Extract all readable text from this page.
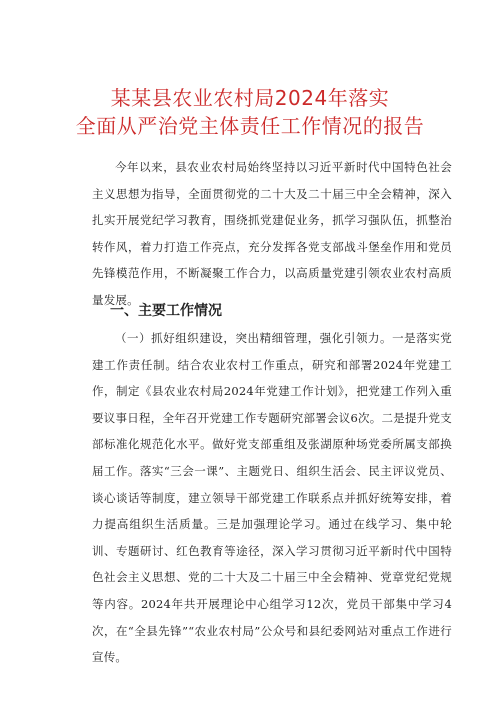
某某县农业农村局2024年落实
全面从严治党主体责任工作情况的报告

今年以来，县农业农村局始终坚持以习近平新时代中国特色社会主义思想为指导，全面贯彻党的二十大及二十届三中全会精神，深入扎实开展党纪学习教育，围绕抓党建促业务，抓学习强队伍，抓整治转作风，着力打造工作亮点，充分发挥各党支部战斗堡垒作用和党员先锋模范作用，不断凝聚工作合力，以高质量党建引领农业农村高质量发展。

一、主要工作情况

（一）抓好组织建设，突出精细管理，强化引领力。一是落实党建工作责任制。结合农业农村工作重点，研究和部署2024年党建工作，制定《县农业农村局2024年党建工作计划》，把党建工作列入重要议事日程，全年召开党建工作专题研究部署会议6次。二是提升党支部标准化规范化水平。做好党支部重组及张湖原种场党委所属支部换届工作。落实“三会一课”、主题党日、组织生活会、民主评议党员、谈心谈话等制度，建立领导干部党建工作联系点并抓好统筹安排，着力提高组织生活质量。三是加强理论学习。通过在线学习、集中轮训、专题研讨、红色教育等途径，深入学习贯彻习近平新时代中国特色社会主义思想、党的二十大及二十届三中全会精神、党章党纪党规等内容。2024年共开展理论中心组学习12次，党员干部集中学习4次，在“全县先锋”“农业农村局”公众号和县纪委网站对重点工作进行宣传。
